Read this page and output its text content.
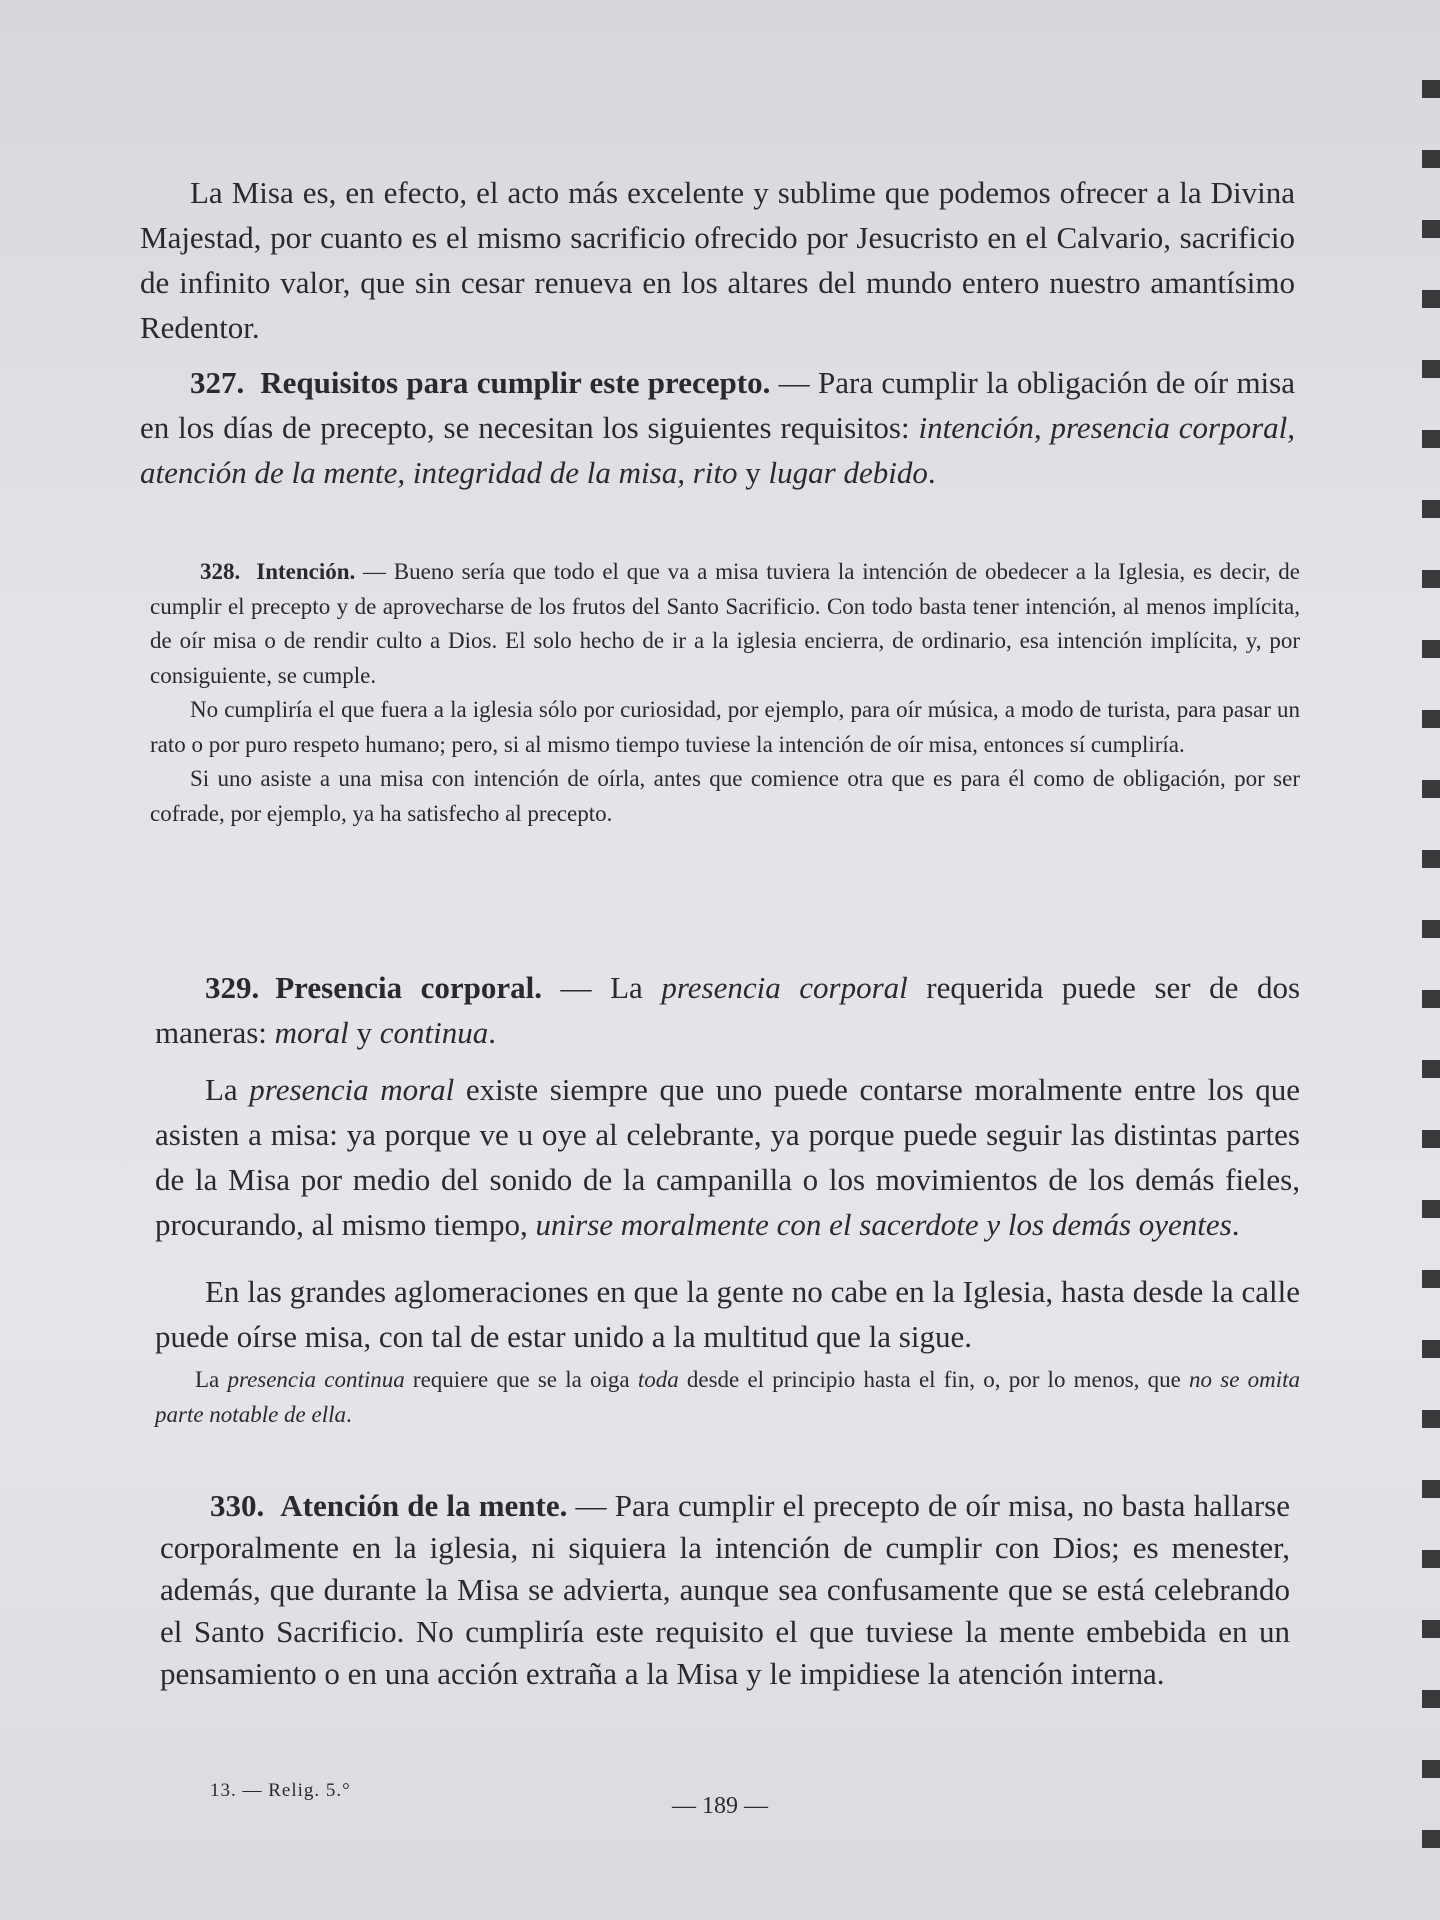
La Misa es, en efecto, el acto más excelente y sublime que podemos ofrecer a la Divina Majestad, por cuanto es el mismo sacrificio ofrecido por Jesucristo en el Calvario, sacrificio de infinito valor, que sin cesar renueva en los altares del mundo entero nuestro amantísimo Redentor.

327. Requisitos para cumplir este precepto. — Para cumplir la obligación de oír misa en los días de precepto, se necesitan los siguientes requisitos: intención, presencia corporal, atención de la mente, integridad de la misa, rito y lugar debido.

328. Intención. — Bueno sería que todo el que va a misa tuviera la intención de obedecer a la Iglesia, es decir, de cumplir el precepto y de aprovecharse de los frutos del Santo Sacrificio. Con todo basta tener intención, al menos implícita, de oír misa o de rendir culto a Dios. El solo hecho de ir a la iglesia encierra, de ordinario, esa intención implícita, y, por consiguiente, se cumple.

No cumpliría el que fuera a la iglesia sólo por curiosidad, por ejemplo, para oír música, a modo de turista, para pasar un rato o por puro respeto humano; pero, si al mismo tiempo tuviese la intención de oír misa, entonces sí cumpliría.

Si uno asiste a una misa con intención de oírla, antes que comience otra que es para él como de obligación, por ser cofrade, por ejemplo, ya ha satisfecho al precepto.

329. Presencia corporal. — La presencia corporal requerida puede ser de dos maneras: moral y continua.

La presencia moral existe siempre que uno puede contarse moralmente entre los que asisten a misa: ya porque ve u oye al celebrante, ya porque puede seguir las distintas partes de la Misa por medio del sonido de la campanilla o los movimientos de los demás fieles, procurando, al mismo tiempo, unirse moralmente con el sacerdote y los demás oyentes.

En las grandes aglomeraciones en que la gente no cabe en la Iglesia, hasta desde la calle puede oírse misa, con tal de estar unido a la multitud que la sigue.

La presencia continua requiere que se la oiga toda desde el principio hasta el fin, o, por lo menos, que no se omita parte notable de ella.

330. Atención de la mente. — Para cumplir el precepto de oír misa, no basta hallarse corporalmente en la iglesia, ni siquiera la intención de cumplir con Dios; es menester, además, que durante la Misa se advierta, aunque sea confusamente que se está celebrando el Santo Sacrificio. No cumpliría este requisito el que tuviese la mente embebida en un pensamiento o en una acción extraña a la Misa y le impidiese la atención interna.

13. — Relig. 5.°
— 189 —
